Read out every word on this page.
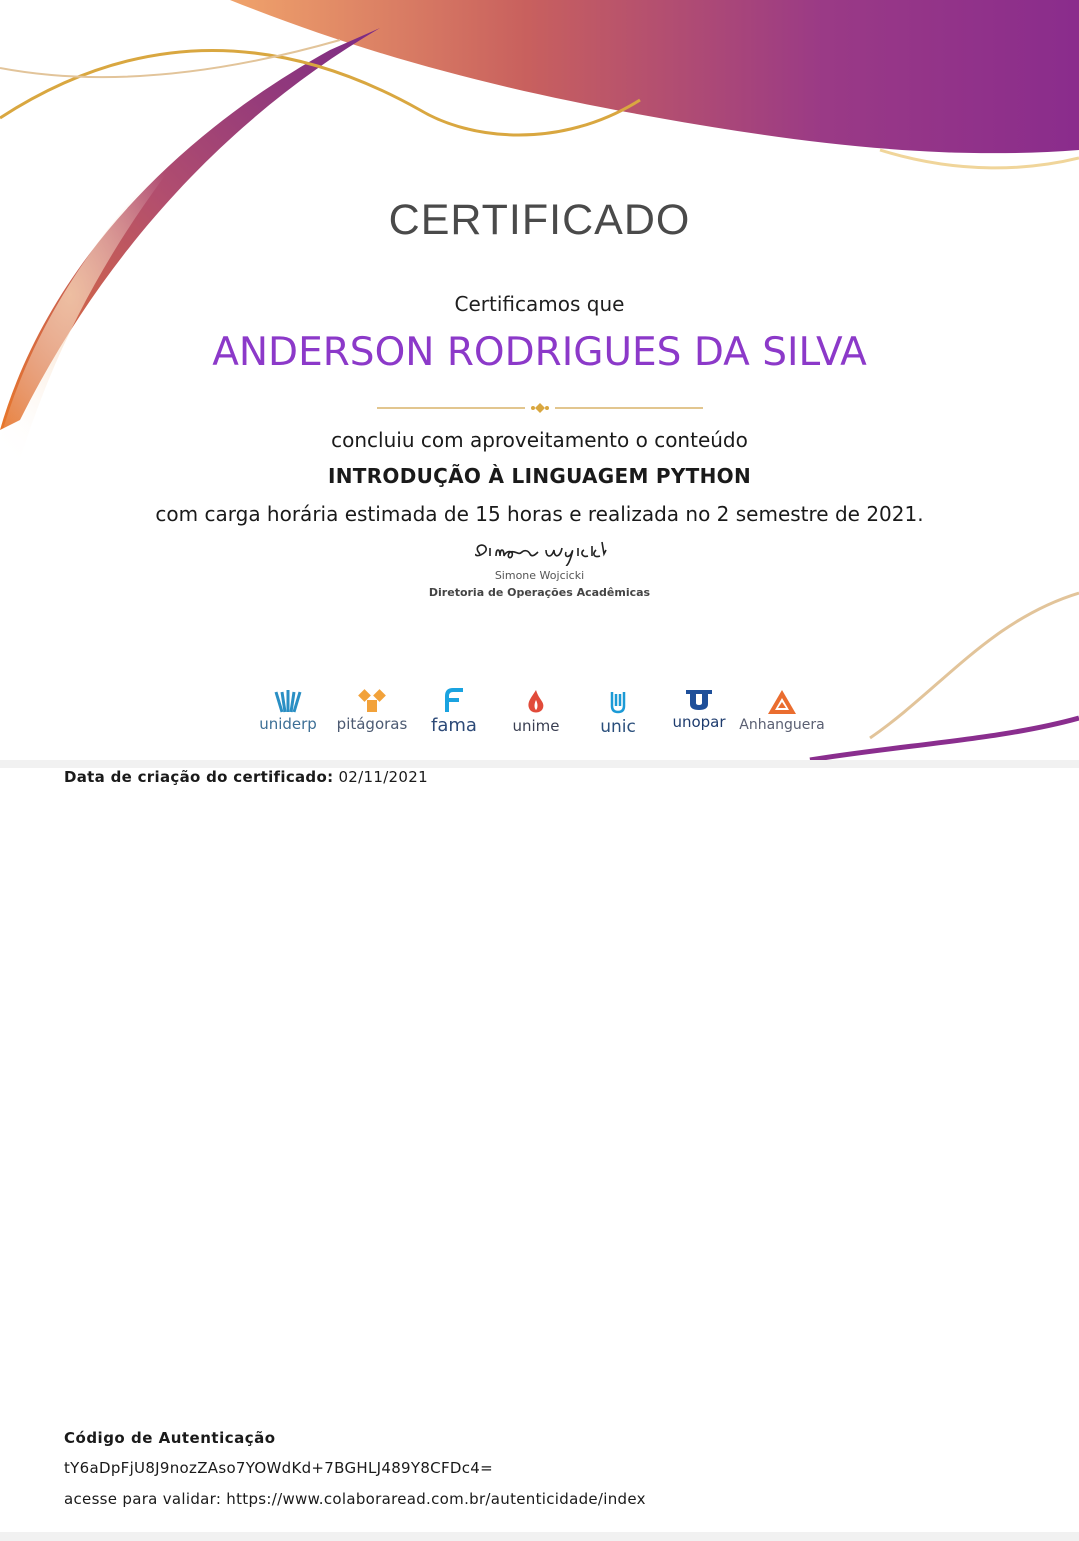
CERTIFICADO
Certificamos que
ANDERSON RODRIGUES DA SILVA
concluiu com aproveitamento o conteúdo
INTRODUÇÃO À LINGUAGEM PYTHON
com carga horária estimada de 15 horas e realizada no 2 semestre de 2021.
Simone Wojcicki
Diretoria de Operações Acadêmicas
uniderp	pitágoras	fama	unime	unic	unopar Anhanguera
Data de criação do certificado: 02/11/2021
Código de Autenticação
tY6aDpFjU8J9nozZAso7YOWdKd+7BGHLJ489Y8CFDc4=
acesse para validar: https://www.colaboraread.com.br/autenticidade/index
